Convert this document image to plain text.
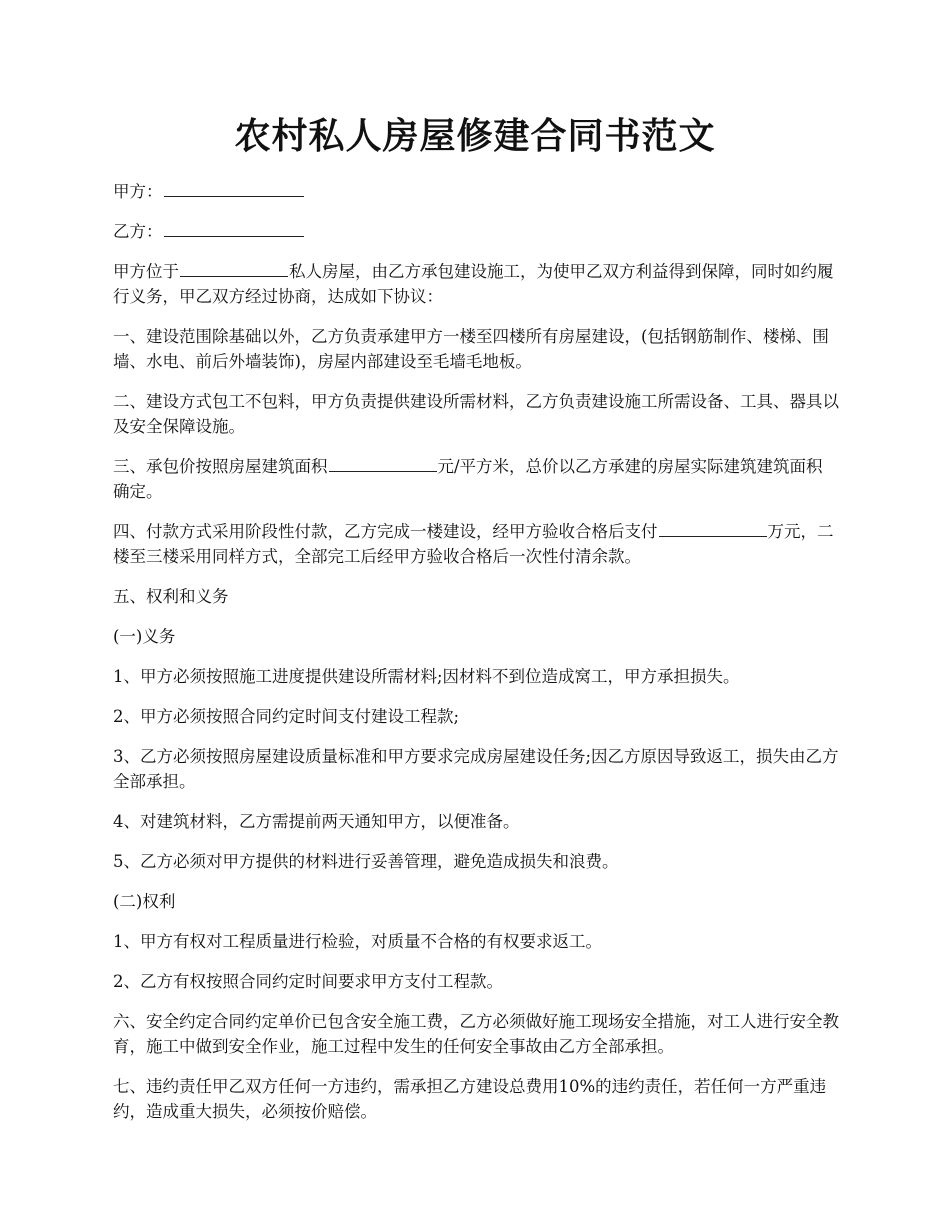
农村私人房屋修建合同书范文

甲方：

乙方：

甲方位于	私人房屋，由乙方承包建设施工，为使甲乙双方利益得到保障，同时如约履行义务，甲乙双方经过协商，达成如下协议：

一、建设范围除基础以外，乙方负责承建甲方一楼至四楼所有房屋建设，(包括钢筋制作、楼梯、围墙、水电、前后外墙装饰)，房屋内部建设至毛墙毛地板。

二、建设方式包工不包料，甲方负责提供建设所需材料，乙方负责建设施工所需设备、工具、器具以及安全保障设施。

三、承包价按照房屋建筑面积	元/平方米，总价以乙方承建的房屋实际建筑建筑面积确定。

四、付款方式采用阶段性付款，乙方完成一楼建设，经甲方验收合格后支付	万元，二楼至三楼采用同样方式，全部完工后经甲方验收合格后一次性付清余款。

五、权利和义务

(一)义务

1、甲方必须按照施工进度提供建设所需材料;因材料不到位造成窝工，甲方承担损失。

2、甲方必须按照合同约定时间支付建设工程款;

3、乙方必须按照房屋建设质量标准和甲方要求完成房屋建设任务;因乙方原因导致返工，损失由乙方全部承担。

4、对建筑材料，乙方需提前两天通知甲方，以便准备。

5、乙方必须对甲方提供的材料进行妥善管理，避免造成损失和浪费。

(二)权利

1、甲方有权对工程质量进行检验，对质量不合格的有权要求返工。

2、乙方有权按照合同约定时间要求甲方支付工程款。

六、安全约定合同约定单价已包含安全施工费，乙方必须做好施工现场安全措施，对工人进行安全教育，施工中做到安全作业，施工过程中发生的任何安全事故由乙方全部承担。

七、违约责任甲乙双方任何一方违约，需承担乙方建设总费用10%的违约责任，若任何一方严重违约，造成重大损失，必须按价赔偿。
